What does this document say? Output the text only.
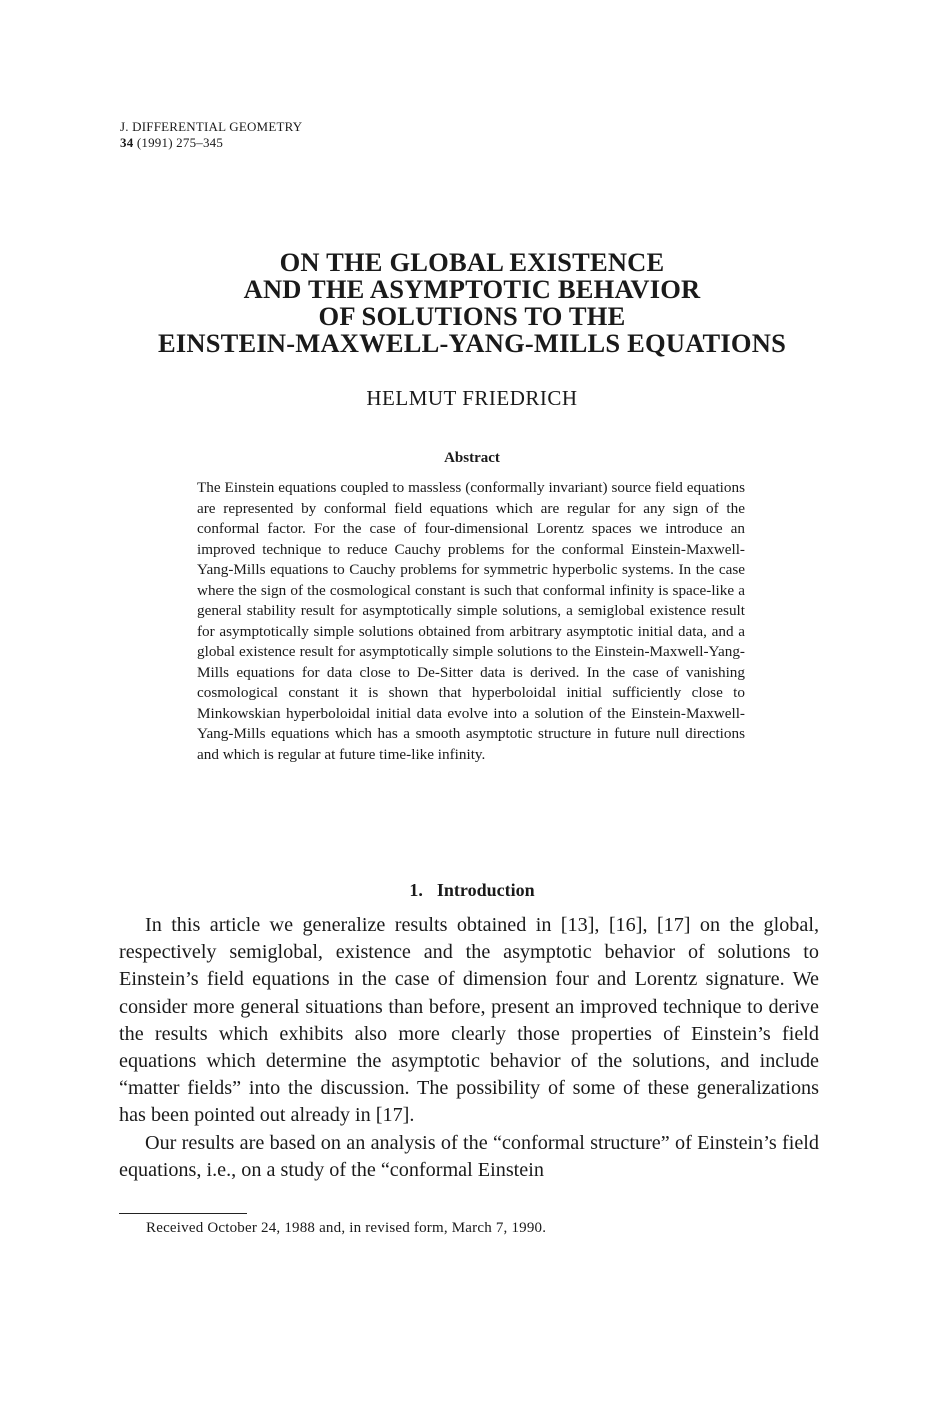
J. DIFFERENTIAL GEOMETRY
34 (1991) 275–345
ON THE GLOBAL EXISTENCE
AND THE ASYMPTOTIC BEHAVIOR
OF SOLUTIONS TO THE
EINSTEIN-MAXWELL-YANG-MILLS EQUATIONS
HELMUT FRIEDRICH
Abstract
The Einstein equations coupled to massless (conformally invariant) source field equations are represented by conformal field equations which are regular for any sign of the conformal factor. For the case of four-dimensional Lorentz spaces we introduce an improved technique to reduce Cauchy problems for the conformal Einstein-Maxwell-Yang-Mills equations to Cauchy problems for symmetric hyperbolic systems. In the case where the sign of the cosmological constant is such that conformal infinity is space-like a general stability result for asymptotically simple solutions, a semiglobal existence result for asymptotically simple solutions obtained from arbitrary asymptotic initial data, and a global existence result for asymptotically simple solutions to the Einstein-Maxwell-Yang-Mills equations for data close to De-Sitter data is derived. In the case of vanishing cosmological constant it is shown that hyperboloidal initial sufficiently close to Minkowskian hyperboloidal initial data evolve into a solution of the Einstein-Maxwell-Yang-Mills equations which has a smooth asymptotic structure in future null directions and which is regular at future time-like infinity.
1. Introduction

In this article we generalize results obtained in [13], [16], [17] on the global, respectively semiglobal, existence and the asymptotic behavior of solutions to Einstein’s field equations in the case of dimension four and Lorentz signature. We consider more general situations than before, present an improved technique to derive the results which exhibits also more clearly those properties of Einstein’s field equations which determine the asymptotic behavior of the solutions, and include “matter fields” into the discussion. The possibility of some of these generalizations has been pointed out already in [17].

Our results are based on an analysis of the “conformal structure” of Einstein’s field equations, i.e., on a study of the “conformal Einstein

Received October 24, 1988 and, in revised form, March 7, 1990.
